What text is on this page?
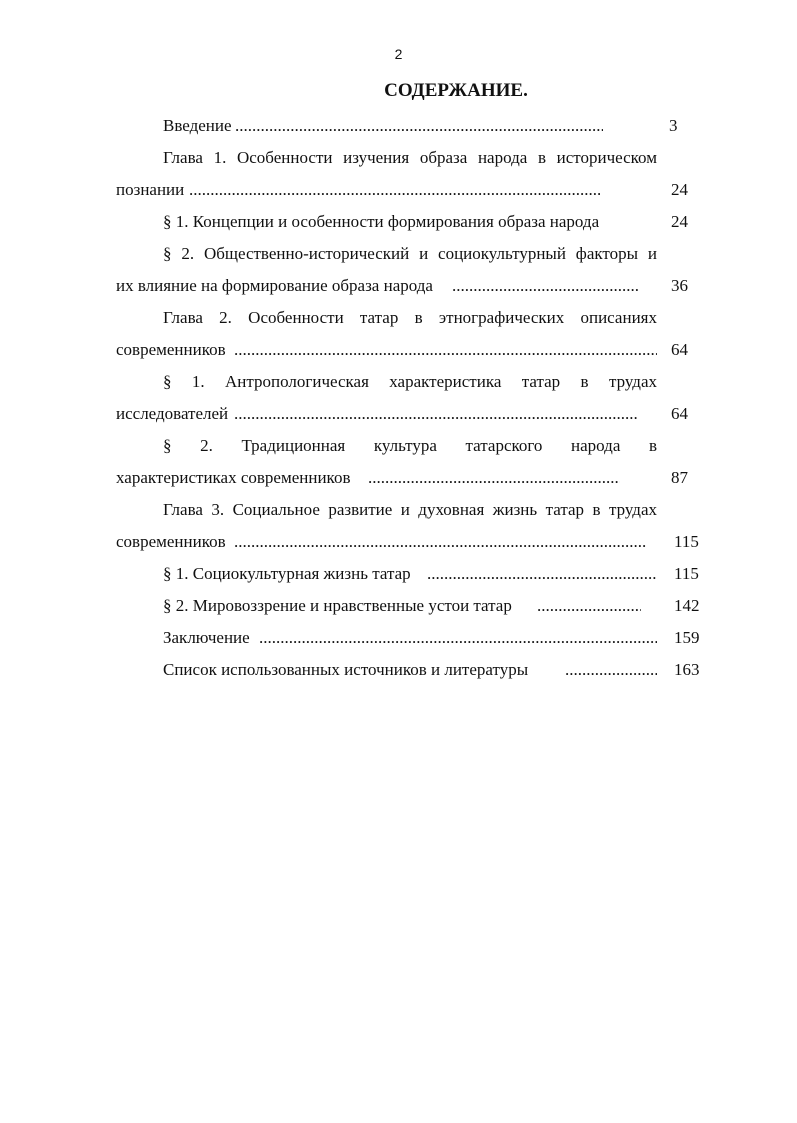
2
СОДЕРЖАНИЕ.
Введение .....	3
Глава 1. Особенности изучения образа народа в историческом
познании .....	24
§ 1. Концепции и особенности формирования образа народа	24
§ 2. Общественно-исторический и социокультурный факторы и
их влияние на формирование образа народа .....	36
Глава 2. Особенности татар в этнографических описаниях
современников .....	64
§ 1. Антропологическая характеристика татар в трудах
исследователей .....	64
§ 2. Традиционная культура татарского народа в
характеристиках современников .....	87
Глава 3. Социальное развитие и духовная жизнь татар в трудах
современников .....	115
§ 1. Социокультурная жизнь татар .....	115
§ 2. Мировоззрение и нравственные устои татар .....	142
Заключение .....	159
Список использованных источников и литературы .....	163
